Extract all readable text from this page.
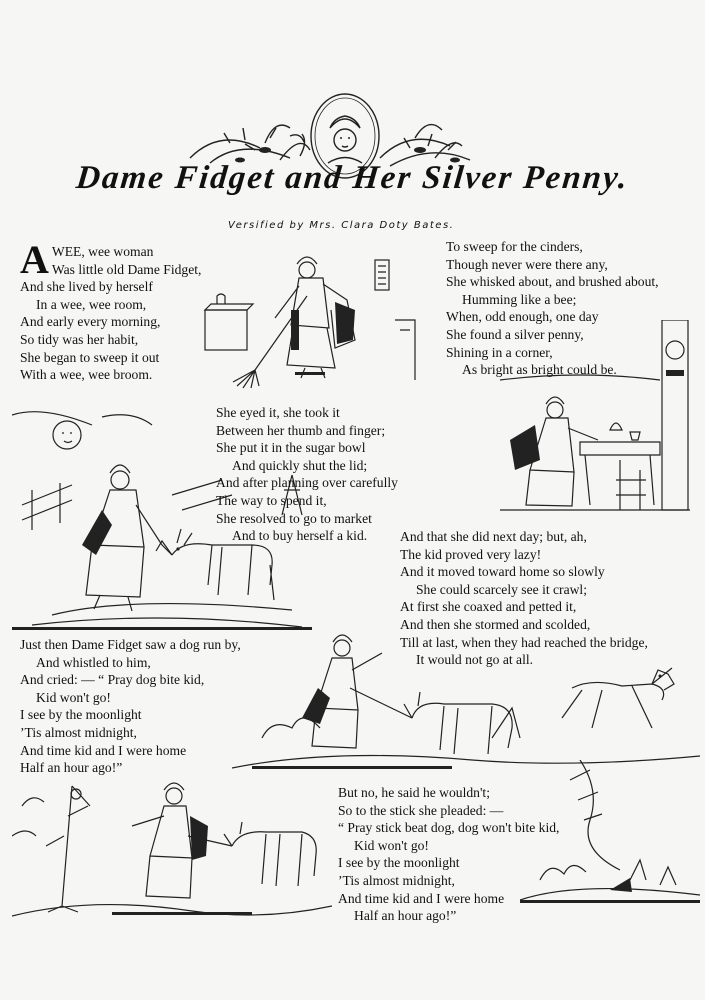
Dame Fidget and Her Silver Penny.
Versified by Mrs. Clara Doty Bates.
A WEE, wee woman
Was little old Dame Fidget,
And she lived by herself
In a wee, wee room,
And early every morning,
So tidy was her habit,
She began to sweep it out
With a wee, wee broom.
To sweep for the cinders,
Though never were there any,
She whisked about, and brushed about,
Humming like a bee;
When, odd enough, one day
She found a silver penny,
Shining in a corner,
As bright as bright could be.
She eyed it, she took it
Between her thumb and finger;
She put it in the sugar bowl
And quickly shut the lid;
And after planning over carefully
The way to spend it,
She resolved to go to market
And to buy herself a kid.	And that she did next day; but, ah,
The kid proved very lazy!
And it moved toward home so slowly
She could scarcely see it crawl;
At first she coaxed and petted it,
And then she stormed and scolded,
Till at last, when they had reached the bridge,
It would not go at all.
Just then Dame Fidget saw a dog run by,
And whistled to him,
And cried: — “ Pray dog bite kid,
Kid won't go!
I see by the moonlight
’Tis almost midnight,
And time kid and I were home
Half an hour ago!”
But no, he said he wouldn't;
So to the stick she pleaded: —
“ Pray stick beat dog, dog won't bite kid,
Kid won't go!
I see by the moonlight
’Tis almost midnight,
And time kid and I were home
Half an hour ago!”
